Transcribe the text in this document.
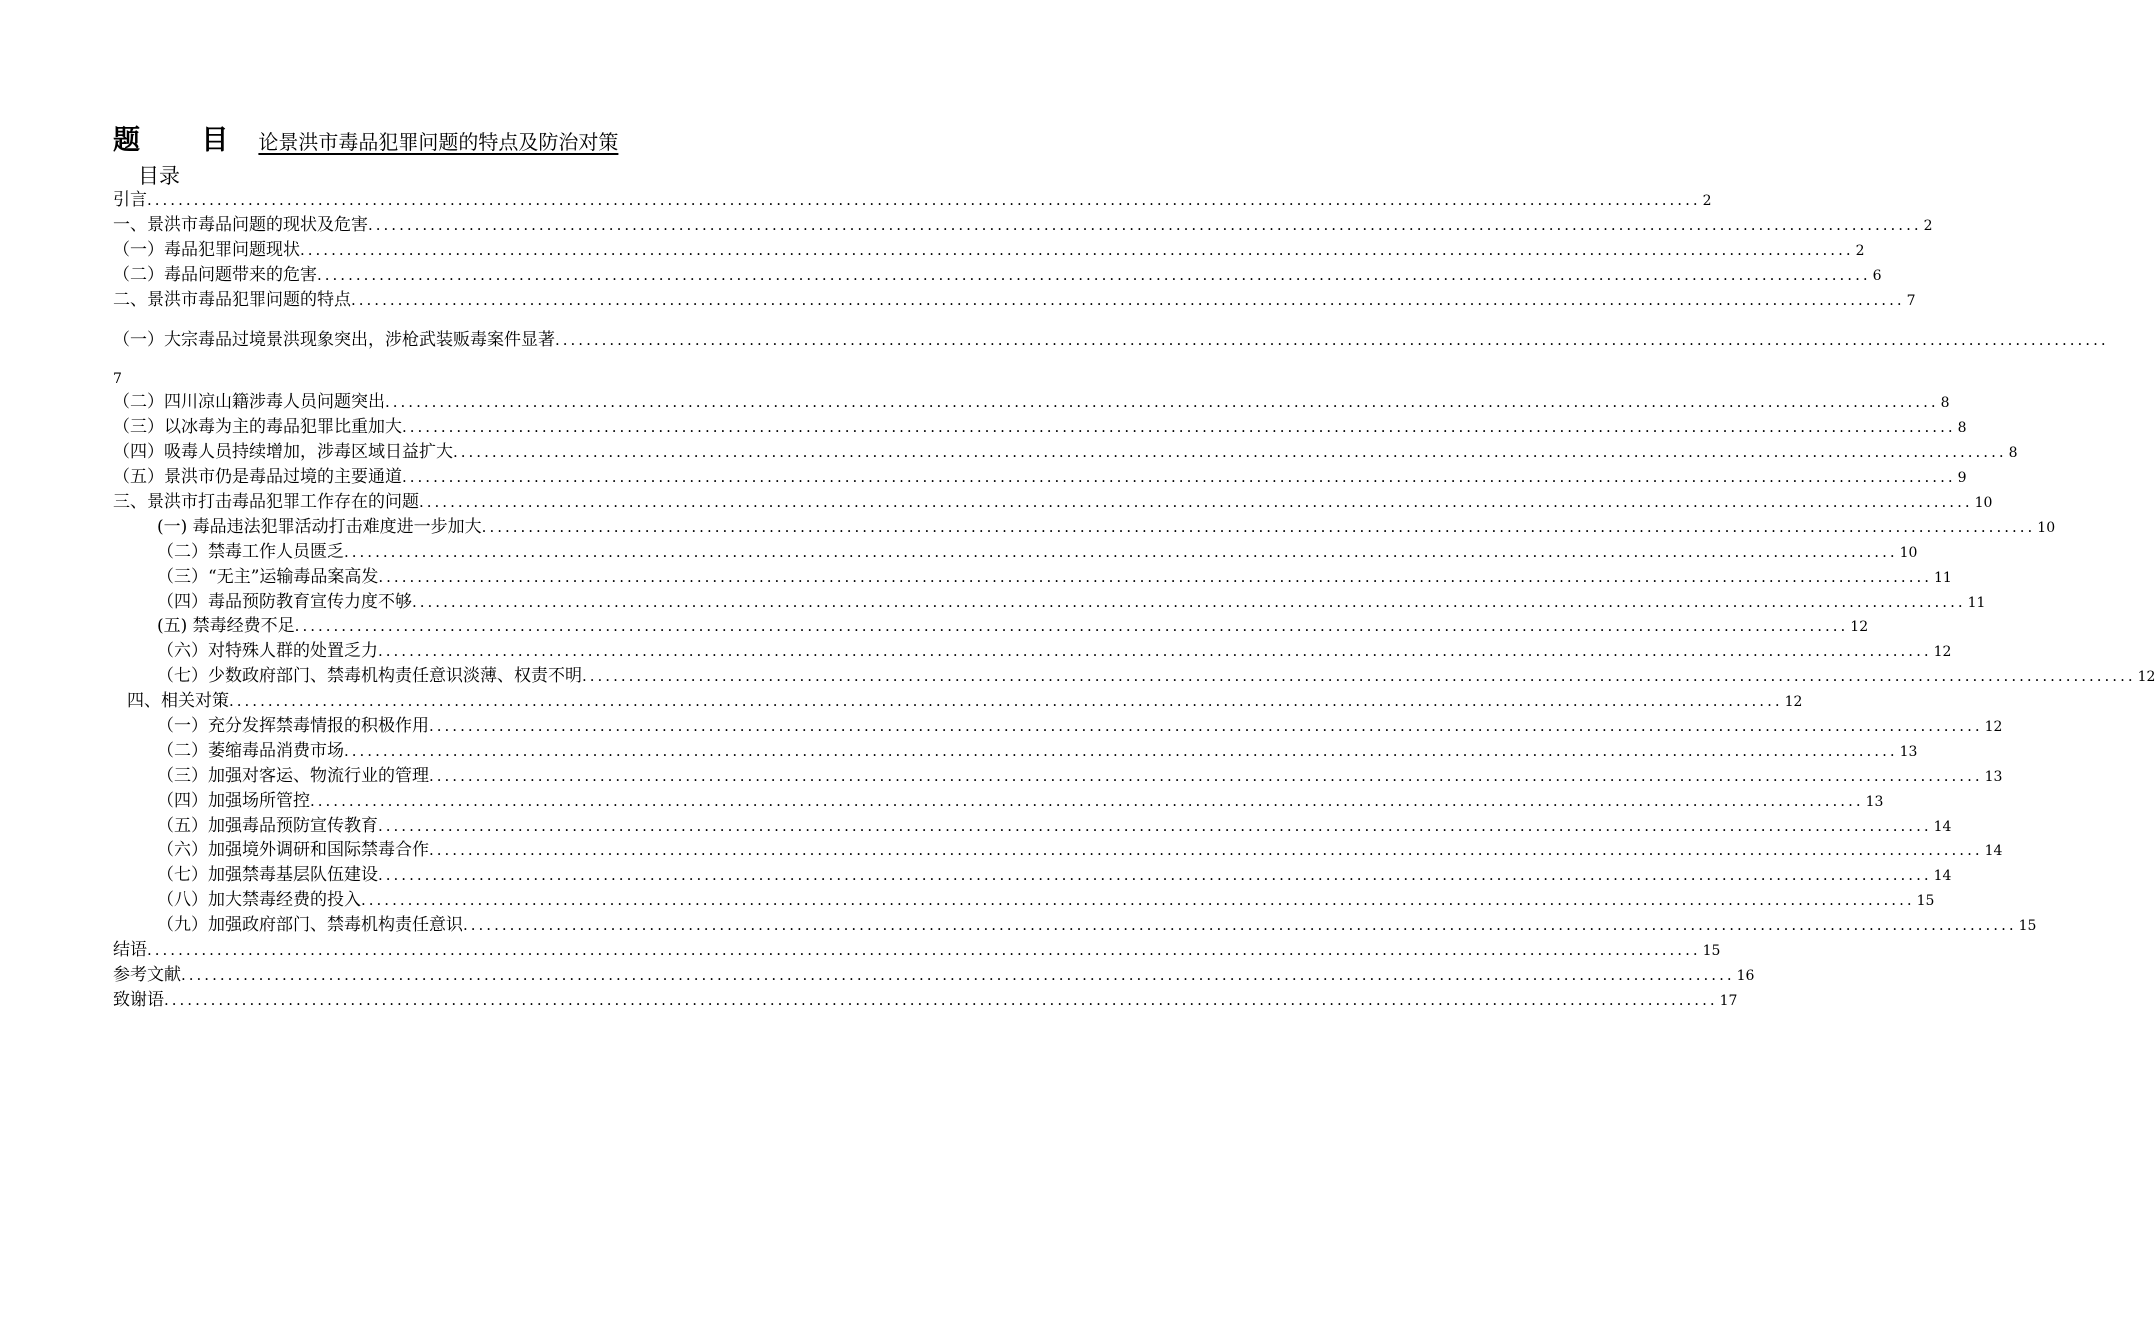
题 目 论景洪市毒品犯罪问题的特点及防治对策
目录
引言 ........................................................................................................................................................................................................ 2
一、景洪市毒品问题的现状及危害 ........................................................................................................................................................................................................ 2
（一）毒品犯罪问题现状 ........................................................................................................................................................................................................ 2
（二）毒品问题带来的危害 ........................................................................................................................................................................................................ 6
二、景洪市毒品犯罪问题的特点 ........................................................................................................................................................................................................ 7
（一）大宗毒品过境景洪现象突出，涉枪武装贩毒案件显著 ........................................................................................................................................................................................................
7
（二）四川凉山籍涉毒人员问题突出 ........................................................................................................................................................................................................ 8
（三）以冰毒为主的毒品犯罪比重加大 ........................................................................................................................................................................................................ 8
（四）吸毒人员持续增加，涉毒区域日益扩大 ........................................................................................................................................................................................................ 8
（五）景洪市仍是毒品过境的主要通道 ........................................................................................................................................................................................................ 9
三、景洪市打击毒品犯罪工作存在的问题 ........................................................................................................................................................................................................ 10
(一) 毒品违法犯罪活动打击难度进一步加大 ........................................................................................................................................................................................................ 10
（二）禁毒工作人员匮乏 ........................................................................................................................................................................................................ 10
（三）“无主”运输毒品案高发 ........................................................................................................................................................................................................ 11
（四）毒品预防教育宣传力度不够 ........................................................................................................................................................................................................ 11
(五) 禁毒经费不足 ........................................................................................................................................................................................................ 12
（六）对特殊人群的处置乏力 ........................................................................................................................................................................................................ 12
（七）少数政府部门、禁毒机构责任意识淡薄、权责不明 ........................................................................................................................................................................................................ 12
四、相关对策 ........................................................................................................................................................................................................ 12
（一）充分发挥禁毒情报的积极作用 ........................................................................................................................................................................................................ 12
（二）萎缩毒品消费市场 ........................................................................................................................................................................................................ 13
（三）加强对客运、物流行业的管理 ........................................................................................................................................................................................................ 13
（四）加强场所管控 ........................................................................................................................................................................................................ 13
（五）加强毒品预防宣传教育 ........................................................................................................................................................................................................ 14
（六）加强境外调研和国际禁毒合作 ........................................................................................................................................................................................................ 14
（七）加强禁毒基层队伍建设 ........................................................................................................................................................................................................ 14
（八）加大禁毒经费的投入 ........................................................................................................................................................................................................ 15
（九）加强政府部门、禁毒机构责任意识 ........................................................................................................................................................................................................ 15
结语 ........................................................................................................................................................................................................ 15
参考文献 ........................................................................................................................................................................................................ 16
致谢语 ........................................................................................................................................................................................................ 17
